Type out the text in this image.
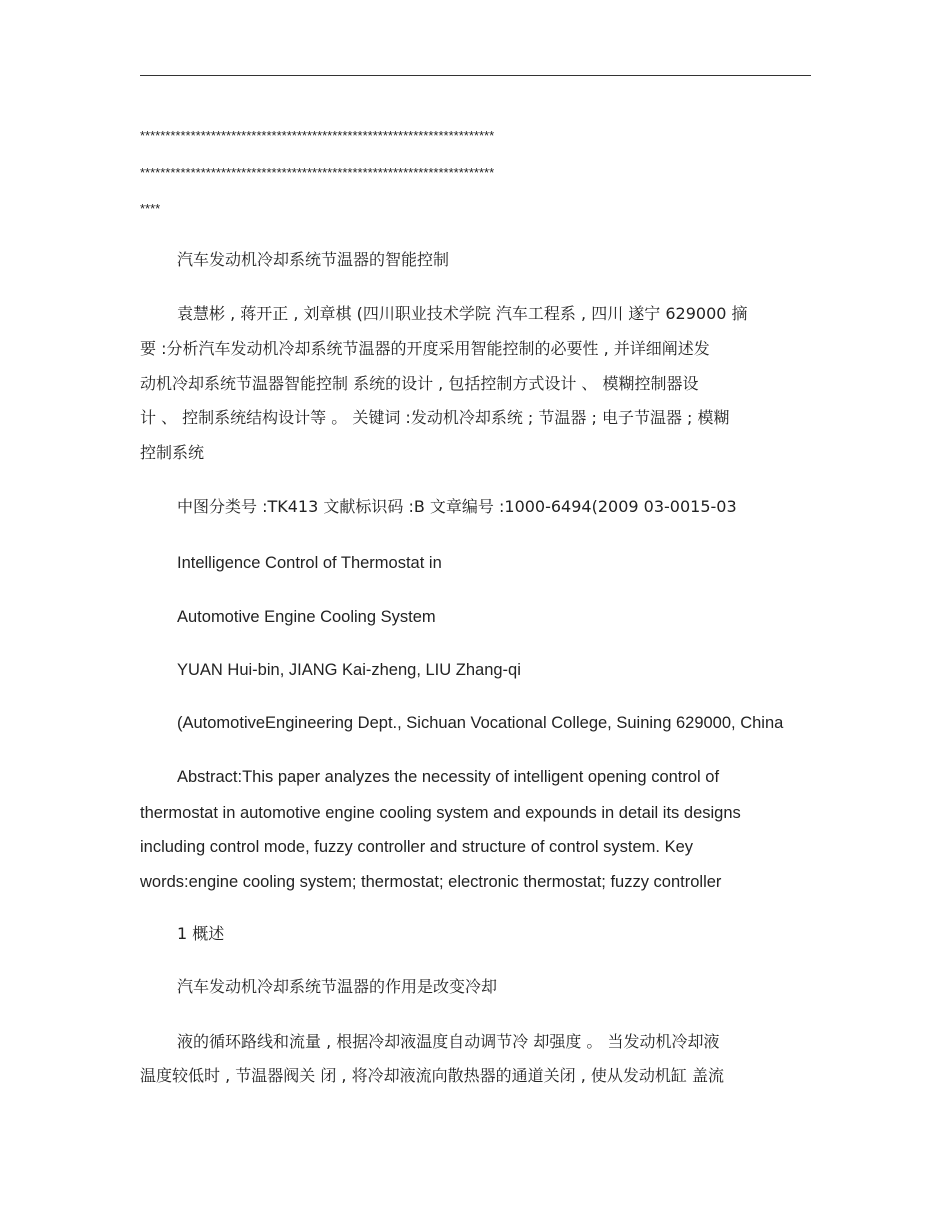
**********************************************************************
**********************************************************************
****
汽车发动机冷却系统节温器的智能控制
袁慧彬 , 蒋开正 , 刘章棋 (四川职业技术学院 汽车工程系 , 四川 遂宁 629000 摘
要 :分析汽车发动机冷却系统节温器的开度采用智能控制的必要性 , 并详细阐述发
动机冷却系统节温器智能控制 系统的设计 , 包括控制方式设计 、 模糊控制器设
计 、 控制系统结构设计等 。 关键词 :发动机冷却系统 ; 节温器 ; 电子节温器 ; 模糊
控制系统
中图分类号 :TK413 文献标识码 :B 文章编号 :1000-6494(2009 03-0015-03
Intelligence Control of Thermostat in
Automotive Engine Cooling System
YUAN Hui-bin, JIANG Kai-zheng, LIU Zhang-qi
(AutomotiveEngineering Dept., Sichuan Vocational College, Suining 629000, China
Abstract:This paper analyzes the necessity of intelligent opening control of
thermostat in automotive engine cooling system and expounds in detail its designs
including control mode, fuzzy controller and structure of control system. Key
words:engine cooling system; thermostat; electronic thermostat; fuzzy controller
1 概述
汽车发动机冷却系统节温器的作用是改变冷却
液的循环路线和流量 , 根据冷却液温度自动调节冷 却强度 。 当发动机冷却液
温度较低时 , 节温器阀关 闭 , 将冷却液流向散热器的通道关闭 , 使从发动机缸 盖流
